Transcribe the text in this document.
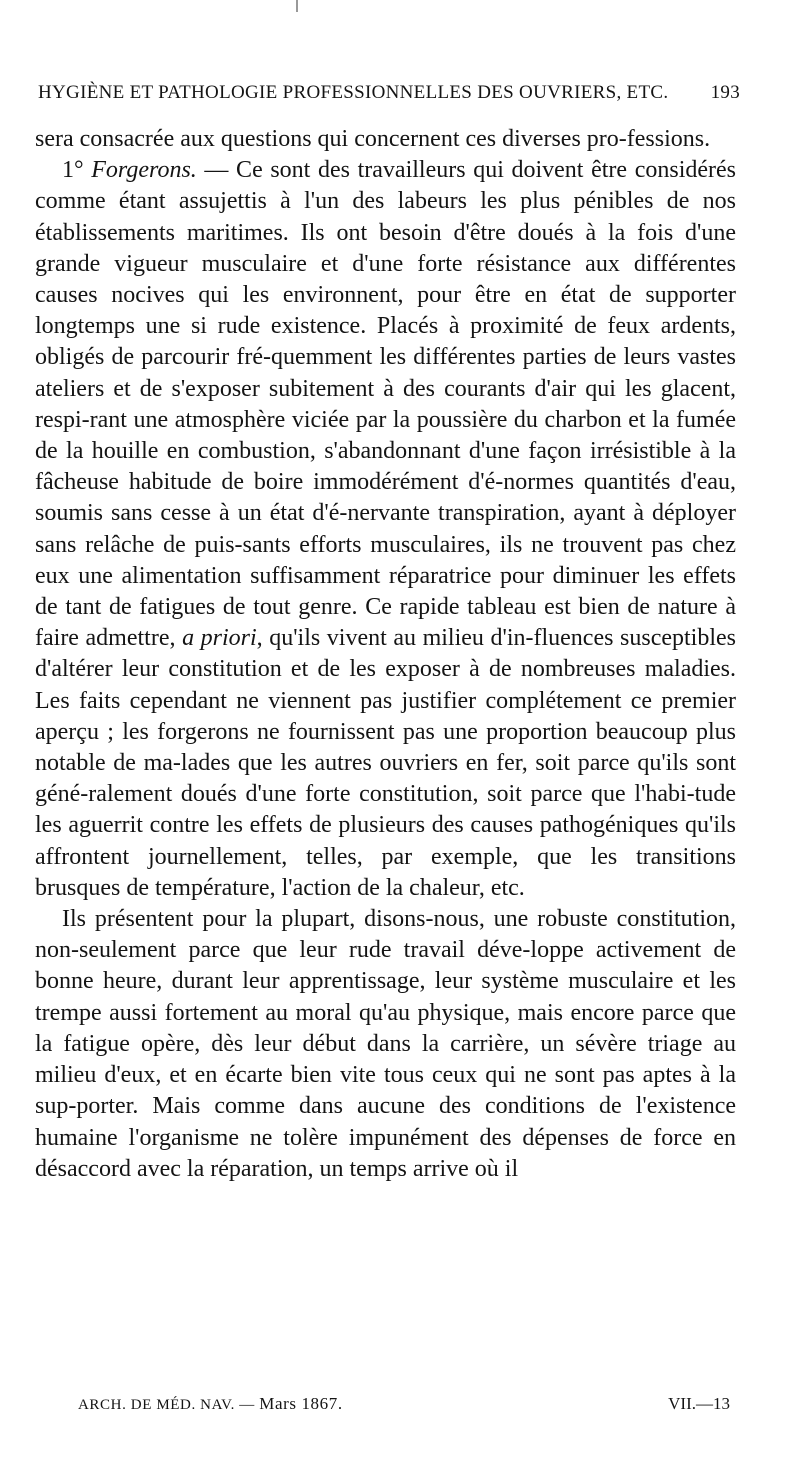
HYGIÈNE ET PATHOLOGIE PROFESSIONNELLES DES OUVRIERS, ETC. 193

sera consacrée aux questions qui concernent ces diverses pro-fessions.

1° Forgerons. — Ce sont des travailleurs qui doivent être considérés comme étant assujettis à l'un des labeurs les plus pénibles de nos établissements maritimes. Ils ont besoin d'être doués à la fois d'une grande vigueur musculaire et d'une forte résistance aux différentes causes nocives qui les environnent, pour être en état de supporter longtemps une si rude existence. Placés à proximité de feux ardents, obligés de parcourir fré-quemment les différentes parties de leurs vastes ateliers et de s'exposer subitement à des courants d'air qui les glacent, respi-rant une atmosphère viciée par la poussière du charbon et la fumée de la houille en combustion, s'abandonnant d'une façon irrésistible à la fâcheuse habitude de boire immodérément d'é-normes quantités d'eau, soumis sans cesse à un état d'é-nervante transpiration, ayant à déployer sans relâche de puis-sants efforts musculaires, ils ne trouvent pas chez eux une alimentation suffisamment réparatrice pour diminuer les effets de tant de fatigues de tout genre. Ce rapide tableau est bien de nature à faire admettre, a priori, qu'ils vivent au milieu d'in-fluences susceptibles d'altérer leur constitution et de les exposer à de nombreuses maladies. Les faits cependant ne viennent pas justifier complétement ce premier aperçu ; les forgerons ne fournissent pas une proportion beaucoup plus notable de ma-lades que les autres ouvriers en fer, soit parce qu'ils sont géné-ralement doués d'une forte constitution, soit parce que l'habi-tude les aguerrit contre les effets de plusieurs des causes pathogéniques qu'ils affrontent journellement, telles, par exemple, que les transitions brusques de température, l'action de la chaleur, etc.

Ils présentent pour la plupart, disons-nous, une robuste constitution, non-seulement parce que leur rude travail déve-loppe activement de bonne heure, durant leur apprentissage, leur système musculaire et les trempe aussi fortement au moral qu'au physique, mais encore parce que la fatigue opère, dès leur début dans la carrière, un sévère triage au milieu d'eux, et en écarte bien vite tous ceux qui ne sont pas aptes à la sup-porter. Mais comme dans aucune des conditions de l'existence humaine l'organisme ne tolère impunément des dépenses de force en désaccord avec la réparation, un temps arrive où il

ARCH. DE MÉD. NAV. — Mars 1867.	VII.—13
